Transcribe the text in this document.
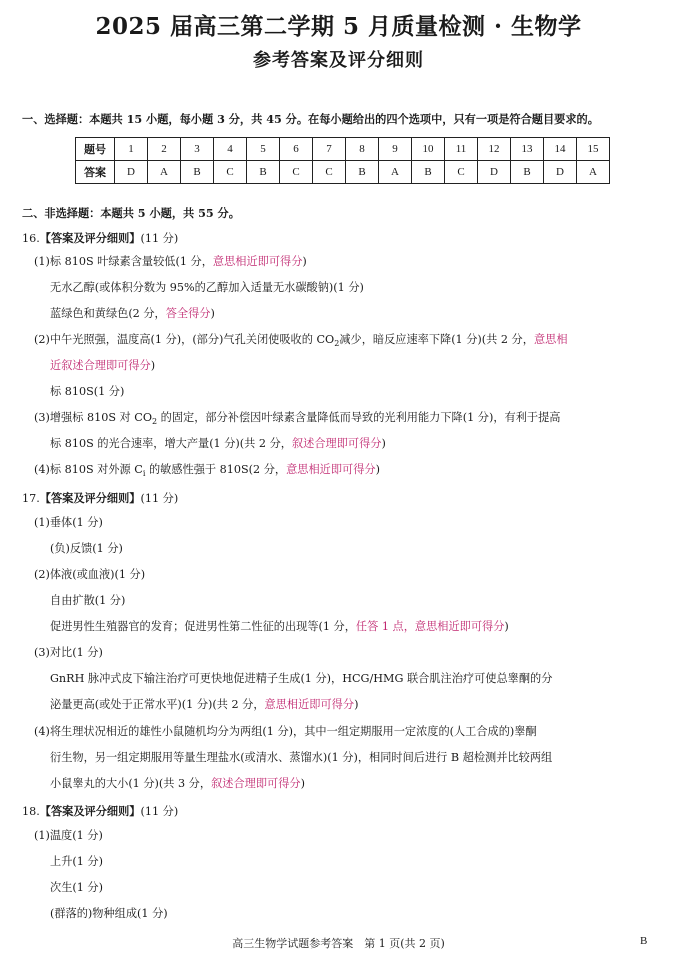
2025 届高三第二学期 5 月质量检测 · 生物学
参考答案及评分细则
一、选择题：本题共 15 小题，每小题 3 分，共 45 分。在每小题给出的四个选项中，只有一项是符合题目要求的。
题号	1	2	3	4	5	6	7	8	9	10	11	12	13	14	15
答案	D	A	B	C	B	C	C	B	A	B	C	D	B	D	A
二、非选择题：本题共 5 小题，共 55 分。
16.【答案及评分细则】(11 分)
(1)标 810S 叶绿素含量较低(1 分，意思相近即可得分)
无水乙醇(或体积分数为 95%的乙醇加入适量无水碳酸钠)(1 分)
蓝绿色和黄绿色(2 分，答全得分)
(2)中午光照强，温度高(1 分)，(部分)气孔关闭使吸收的 $CO_2$减少，暗反应速率下降(1 分)(共 2 分，意思相
近叙述合理即可得分)
标 810S(1 分)
(3)增强标 810S 对 $CO_2$ 的固定，部分补偿因叶绿素含量降低而导致的光利用能力下降(1 分)，有利于提高
标 810S 的光合速率，增大产量(1 分)(共 2 分，叙述合理即可得分)
(4)标 810S 对外源 $C_i$ 的敏感性强于 810S(2 分，意思相近即可得分)
17.【答案及评分细则】(11 分)
(1)垂体(1 分)
(负)反馈(1 分)
(2)体液(或血液)(1 分)
自由扩散(1 分)
促进男性生殖器官的发育；促进男性第二性征的出现等(1 分，任答 1 点，意思相近即可得分)
(3)对比(1 分)
GnRH 脉冲式皮下输注治疗可更快地促进精子生成(1 分)，HCG/HMG 联合肌注治疗可使总睾酮的分
泌量更高(或处于正常水平)(1 分)(共 2 分，意思相近即可得分)
(4)将生理状况相近的雄性小鼠随机均分为两组(1 分)，其中一组定期服用一定浓度的(人工合成的)睾酮
衍生物，另一组定期服用等量生理盐水(或清水、蒸馏水)(1 分)，相同时间后进行 B 超检测并比较两组
小鼠睾丸的大小(1 分)(共 3 分，叙述合理即可得分)
18.【答案及评分细则】(11 分)
(1)温度(1 分)
上升(1 分)
次生(1 分)
(群落的)物种组成(1 分)
高三生物学试题参考答案　第 1 页(共 2 页)	B
